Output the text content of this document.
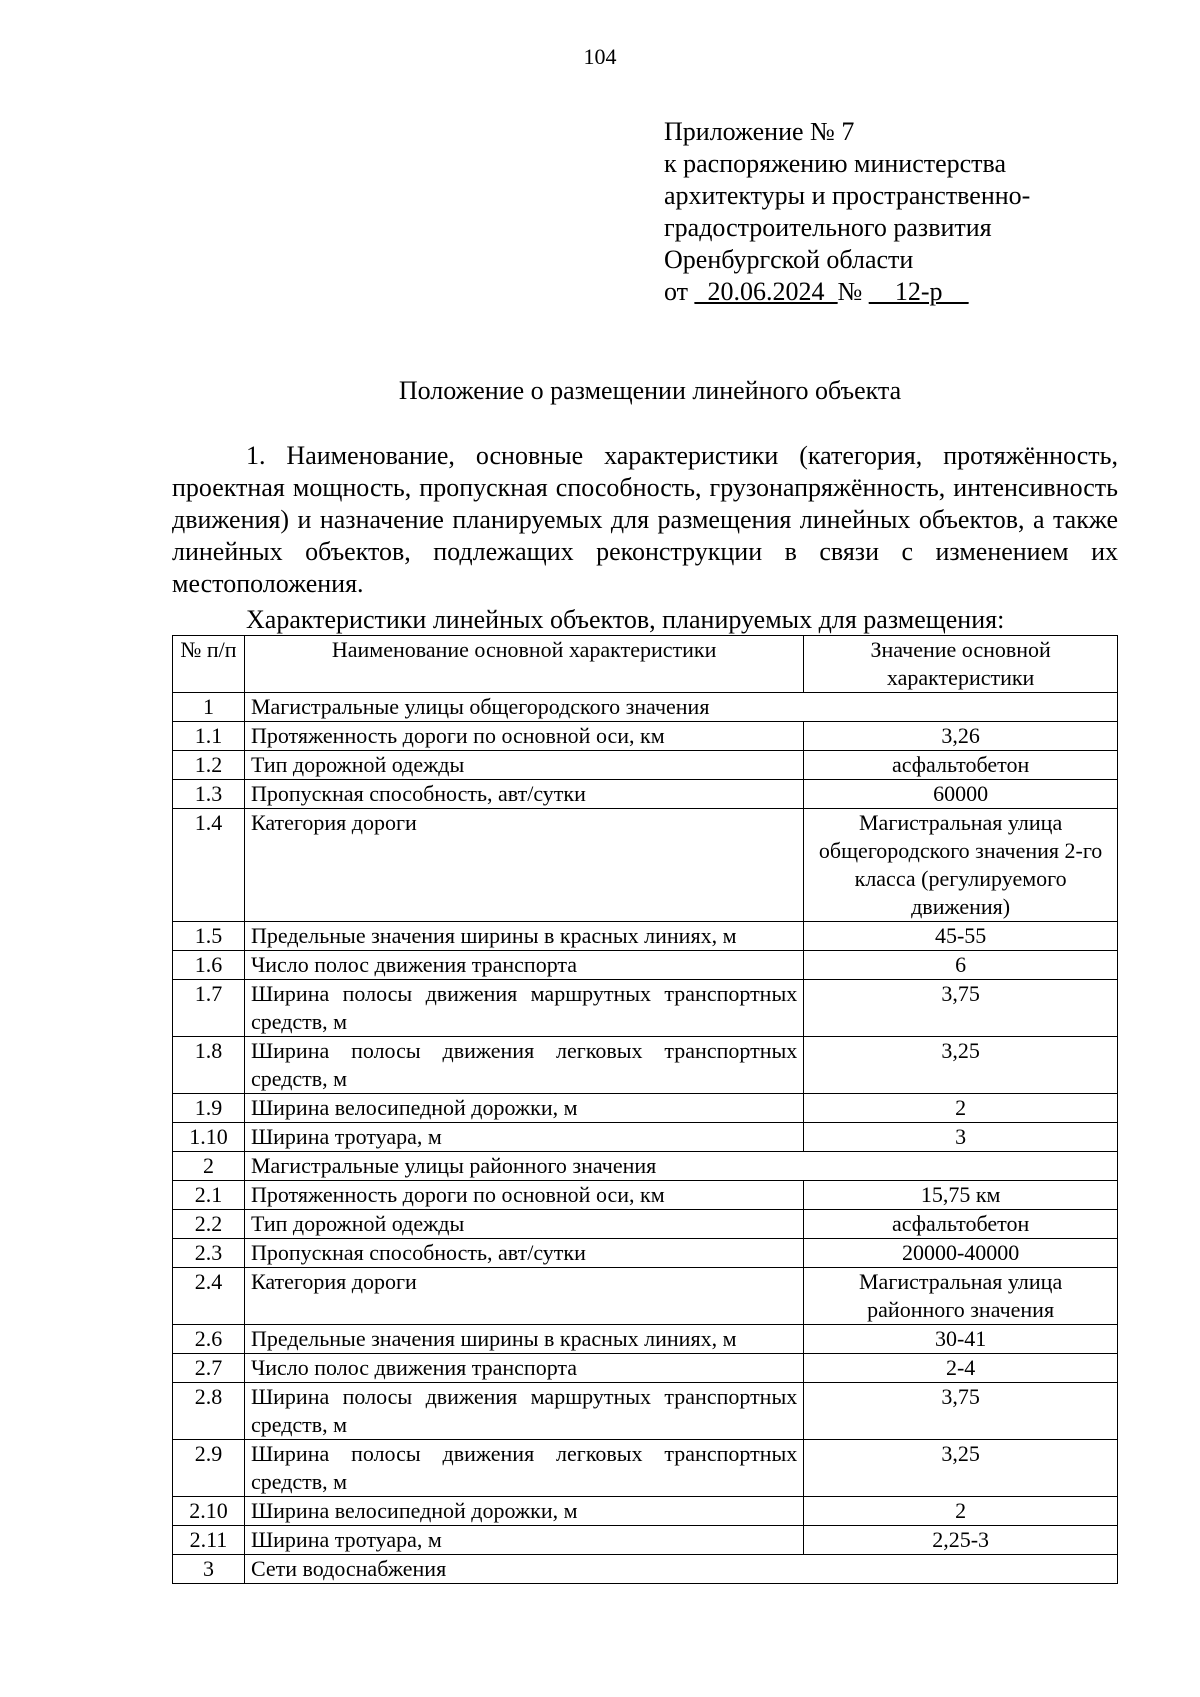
104
Приложение № 7
к распоряжению министерства
архитектуры и пространственно-
градостроительного развития
Оренбургской области
от _20.06.2024_№ __12-р__
Положение о размещении линейного объекта
1. Наименование, основные характеристики (категория, протяжённость, проектная мощность, пропускная способность, грузонапряжённость, интенсивность движения) и назначение планируемых для размещения линейных объектов, а также линейных объектов, подлежащих реконструкции в связи с изменением их местоположения.
Характеристики линейных объектов, планируемых для размещения:
№ п/п	Наименование основной характеристики	Значение основной характеристики
1	Магистральные улицы общегородского значения	
1.1	Протяженность дороги по основной оси, км	3,26
1.2	Тип дорожной одежды	асфальтобетон
1.3	Пропускная способность, авт/сутки	60000
1.4	Категория дороги	Магистральная улица общегородского значения 2-го класса (регулируемого движения)
1.5	Предельные значения ширины в красных линиях, м	45-55
1.6	Число полос движения транспорта	6
1.7	Ширина полосы движения маршрутных транспортных средств, м	3,75
1.8	Ширина полосы движения легковых транспортных средств, м	3,25
1.9	Ширина велосипедной дорожки, м	2
1.10	Ширина тротуара, м	3
2	Магистральные улицы районного значения	
2.1	Протяженность дороги по основной оси, км	15,75 км
2.2	Тип дорожной одежды	асфальтобетон
2.3	Пропускная способность, авт/сутки	20000-40000
2.4	Категория дороги	Магистральная улица районного значения
2.6	Предельные значения ширины в красных линиях, м	30-41
2.7	Число полос движения транспорта	2-4
2.8	Ширина полосы движения маршрутных транспортных средств, м	3,75
2.9	Ширина полосы движения легковых транспортных средств, м	3,25
2.10	Ширина велосипедной дорожки, м	2
2.11	Ширина тротуара, м	2,25-3
3	Сети водоснабжения	
